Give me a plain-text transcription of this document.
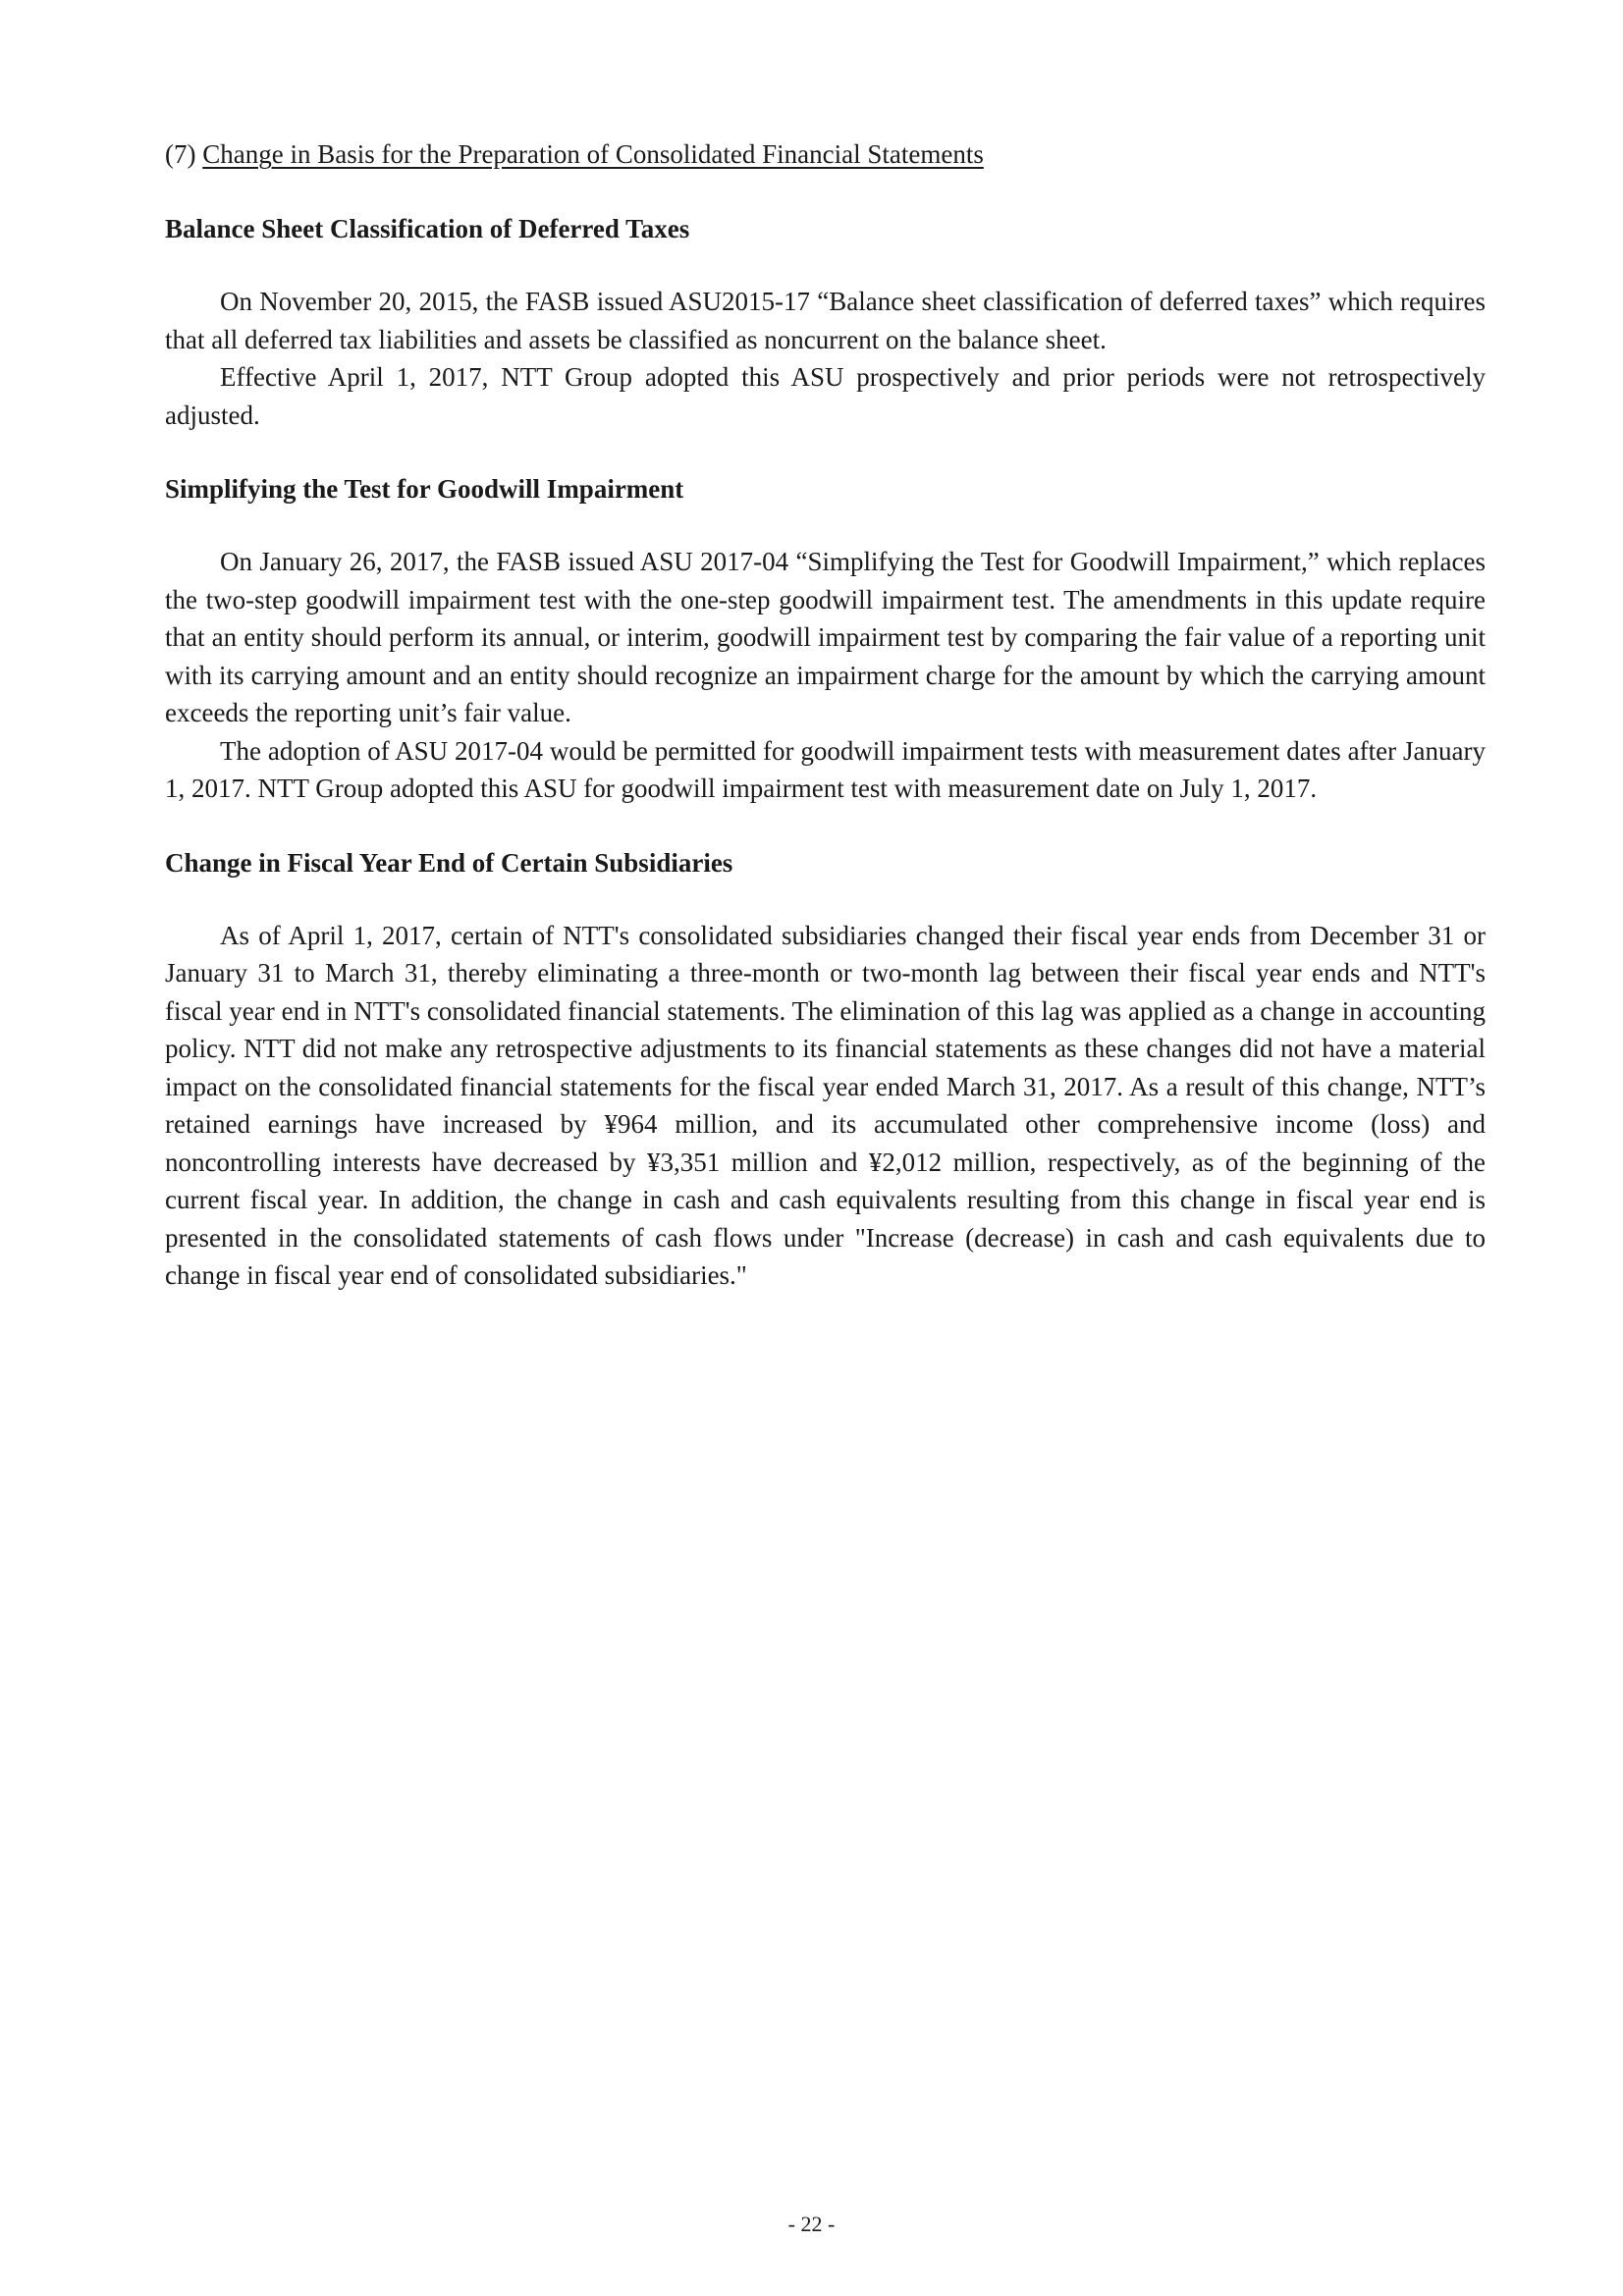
(7) Change in Basis for the Preparation of Consolidated Financial Statements

Balance Sheet Classification of Deferred Taxes

On November 20, 2015, the FASB issued ASU2015-17 “Balance sheet classification of deferred taxes” which requires that all deferred tax liabilities and assets be classified as noncurrent on the balance sheet.

Effective April 1, 2017, NTT Group adopted this ASU prospectively and prior periods were not retrospectively adjusted.

Simplifying the Test for Goodwill Impairment

On January 26, 2017, the FASB issued ASU 2017-04 “Simplifying the Test for Goodwill Impairment,” which replaces the two-step goodwill impairment test with the one-step goodwill impairment test. The amendments in this update require that an entity should perform its annual, or interim, goodwill impairment test by comparing the fair value of a reporting unit with its carrying amount and an entity should recognize an impairment charge for the amount by which the carrying amount exceeds the reporting unit’s fair value.

The adoption of ASU 2017-04 would be permitted for goodwill impairment tests with measurement dates after January 1, 2017. NTT Group adopted this ASU for goodwill impairment test with measurement date on July 1, 2017.

Change in Fiscal Year End of Certain Subsidiaries

As of April 1, 2017, certain of NTT's consolidated subsidiaries changed their fiscal year ends from December 31 or January 31 to March 31, thereby eliminating a three-month or two-month lag between their fiscal year ends and NTT's fiscal year end in NTT's consolidated financial statements. The elimination of this lag was applied as a change in accounting policy. NTT did not make any retrospective adjustments to its financial statements as these changes did not have a material impact on the consolidated financial statements for the fiscal year ended March 31, 2017. As a result of this change, NTT’s retained earnings have increased by ¥964 million, and its accumulated other comprehensive income (loss) and noncontrolling interests have decreased by ¥3,351 million and ¥2,012 million, respectively, as of the beginning of the current fiscal year. In addition, the change in cash and cash equivalents resulting from this change in fiscal year end is presented in the consolidated statements of cash flows under "Increase (decrease) in cash and cash equivalents due to change in fiscal year end of consolidated subsidiaries."

- 22 -
